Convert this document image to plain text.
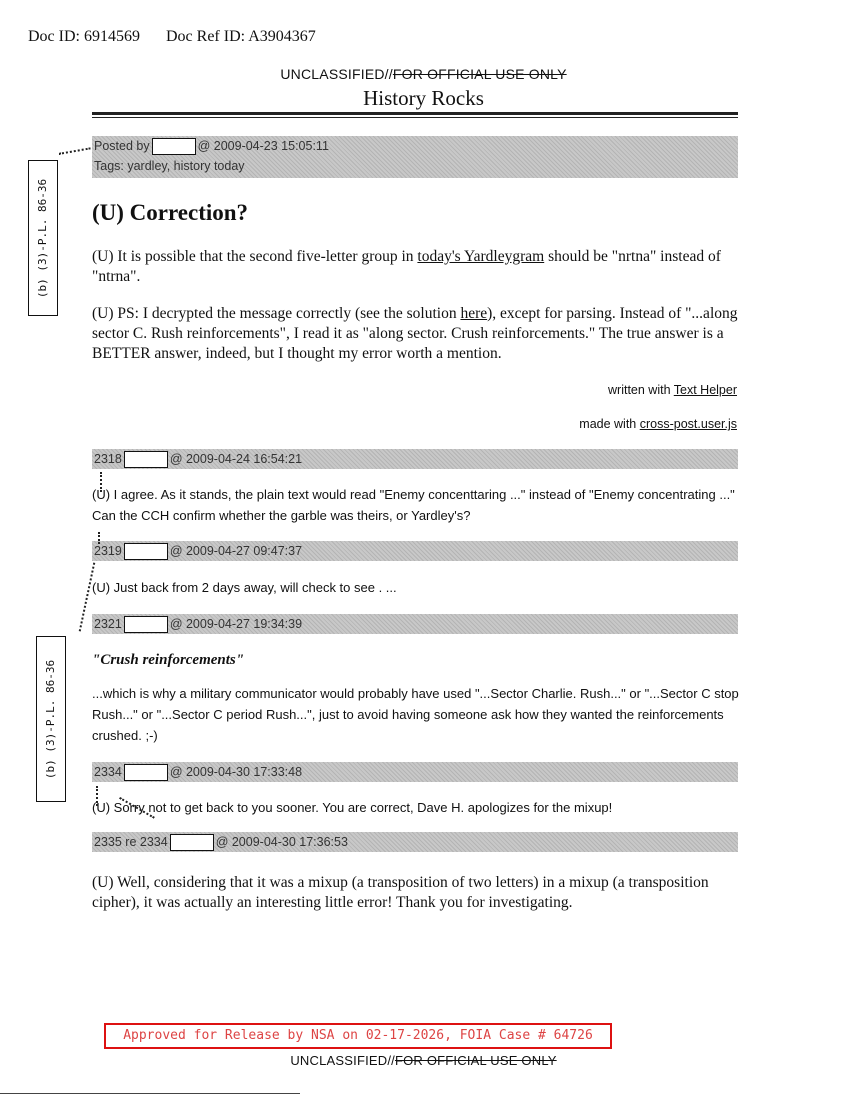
Doc ID: 6914569 Doc Ref ID: A3904367
UNCLASSIFIED//FOR OFFICIAL USE ONLY
History Rocks
Posted by	@ 2009-04-23 15:05:11
Tags: yardley, history today
(U) Correction?
(U) It is possible that the second five-letter group in today's Yardleygram should be "nrtna" instead of "ntrna".
(U) PS: I decrypted the message correctly (see the solution here), except for parsing. Instead of "...along sector C. Rush reinforcements", I read it as "along sector. Crush reinforcements." The true answer is a BETTER answer, indeed, but I thought my error worth a mention.
written with Text Helper
made with cross-post.user.js
2318	@ 2009-04-24 16:54:21
(U) I agree. As it stands, the plain text would read "Enemy concenttaring ..." instead of "Enemy concentrating ..." Can the CCH confirm whether the garble was theirs, or Yardley's?
2319	@ 2009-04-27 09:47:37
(U) Just back from 2 days away, will check to see . ...
2321	@ 2009-04-27 19:34:39
"Crush reinforcements"
...which is why a military communicator would probably have used "...Sector Charlie. Rush..." or "...Sector C stop Rush..." or "...Sector C period Rush...", just to avoid having someone ask how they wanted the reinforcements crushed. ;-)
2334	@ 2009-04-30 17:33:48
(U) Sorry not to get back to you sooner. You are correct, Dave H. apologizes for the mixup!
2335 re 2334	@ 2009-04-30 17:36:53
(U) Well, considering that it was a mixup (a transposition of two letters) in a mixup (a transposition cipher), it was actually an interesting little error! Thank you for investigating.
(b) (3)-P.L. 86-36
(b) (3)-P.L. 86-36
Approved for Release by NSA on 02-17-2026, FOIA Case # 64726
UNCLASSIFIED//FOR OFFICIAL USE ONLY
